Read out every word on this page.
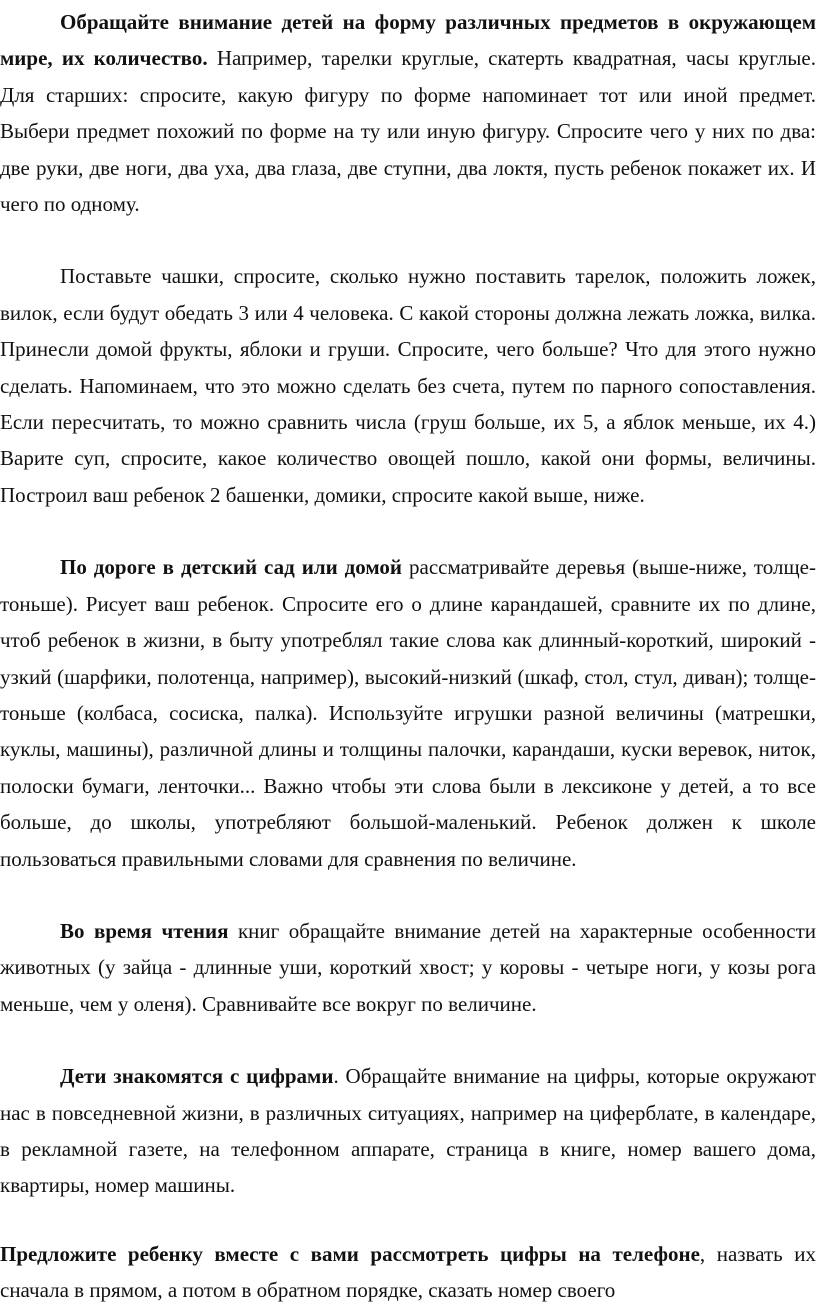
Обращайте внимание детей на форму различных предметов в окружающем мире, их количество. Например, тарелки круглые, скатерть квадратная, часы круглые. Для старших: спросите, какую фигуру по форме напоминает тот или иной предмет. Выбери предмет похожий по форме на ту или иную фигуру. Спросите чего у них по два: две руки, две ноги, два уха, два глаза, две ступни, два локтя, пусть ребенок покажет их. И чего по одному.

Поставьте чашки, спросите, сколько нужно поставить тарелок, положить ложек, вилок, если будут обедать 3 или 4 человека. С какой стороны должна лежать ложка, вилка. Принесли домой фрукты, яблоки и груши. Спросите, чего больше? Что для этого нужно сделать. Напоминаем, что это можно сделать без счета, путем по парного сопоставления. Если пересчитать, то можно сравнить числа (груш больше, их 5, а яблок меньше, их 4.) Варите суп, спросите, какое количество овощей пошло, какой они формы, величины. Построил ваш ребенок 2 башенки, домики, спросите какой выше, ниже.

По дороге в детский сад или домой рассматривайте деревья (выше-ниже, толще-тоньше). Рисует ваш ребенок. Спросите его о длине карандашей, сравните их по длине, чтоб ребенок в жизни, в быту употреблял такие слова как длинный-короткий, широкий - узкий (шарфики, полотенца, например), высокий-низкий (шкаф, стол, стул, диван); толще-тоньше (колбаса, сосиска, палка). Используйте игрушки разной величины (матрешки, куклы, машины), различной длины и толщины палочки, карандаши, куски веревок, ниток, полоски бумаги, ленточки... Важно чтобы эти слова были в лексиконе у детей, а то все больше, до школы, употребляют большой-маленький. Ребенок должен к школе пользоваться правильными словами для сравнения по величине.

Во время чтения книг обращайте внимание детей на характерные особенности животных (у зайца - длинные уши, короткий хвост; у коровы - четыре ноги, у козы рога меньше, чем у оленя). Сравнивайте все вокруг по величине.

Дети знакомятся с цифрами. Обращайте внимание на цифры, которые окружают нас в повседневной жизни, в различных ситуациях, например на циферблате, в календаре, в рекламной газете, на телефонном аппарате, страница в книге, номер вашего дома, квартиры, номер машины.

Предложите ребенку вместе с вами рассмотреть цифры на телефоне, назвать их сначала в прямом, а потом в обратном порядке, сказать номер своего
